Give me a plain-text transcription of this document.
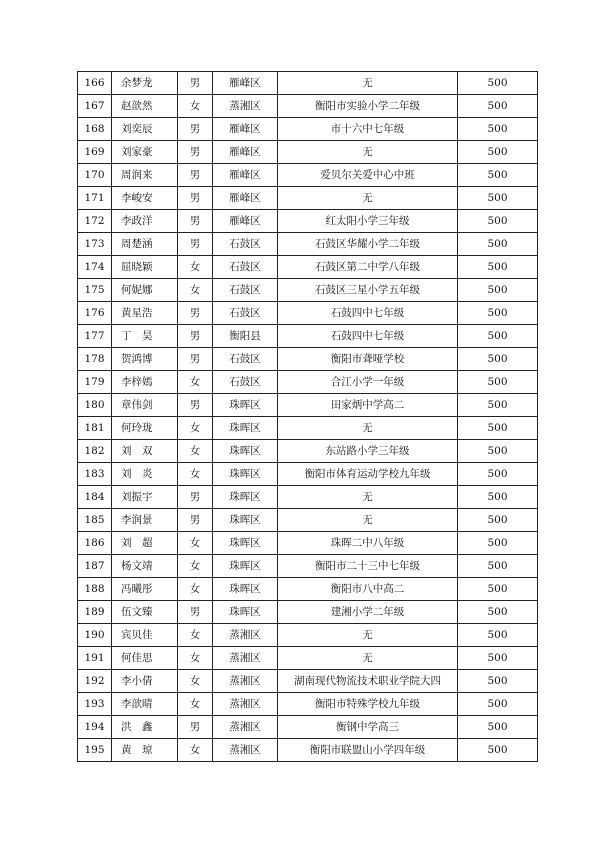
166	余梦龙	男	雁峰区	无	500
167	赵歆然	女	蒸湘区	衡阳市实验小学二年级	500
168	刘奕辰	男	雁峰区	市十六中七年级	500
169	刘家豪	男	雁峰区	无	500
170	周润来	男	雁峰区	爱贝尔关爱中心中班	500
171	李峻安	男	雁峰区	无	500
172	李政洋	男	雁峰区	红太阳小学三年级	500
173	周楚涵	男	石鼓区	石鼓区华耀小学二年级	500
174	屈晓颖	女	石鼓区	石鼓区第二中学八年级	500
175	何妮娜	女	石鼓区	石鼓区三星小学五年级	500
176	黄星浩	男	石鼓区	石鼓四中七年级	500
177	丁　昊	男	衡阳县	石鼓四中七年级	500
178	贺鸿博	男	石鼓区	衡阳市聋哑学校	500
179	李梓嫣	女	石鼓区	合江小学一年级	500
180	章伟剑	男	珠晖区	田家炳中学高二	500
181	何玲珑	女	珠晖区	无	500
182	刘　双	女	珠晖区	东站路小学三年级	500
183	刘　炎	女	珠晖区	衡阳市体育运动学校九年级	500
184	刘振宇	男	珠晖区	无	500
185	李润景	男	珠晖区	无	500
186	刘　超	女	珠晖区	珠晖二中八年级	500
187	杨文靖	女	珠晖区	衡阳市二十三中七年级	500
188	冯曦彤	女	珠晖区	衡阳市八中高二	500
189	伍文臻	男	珠晖区	建湘小学二年级	500
190	宾贝佳	女	蒸湘区	无	500
191	何佳思	女	蒸湘区	无	500
192	李小倩	女	蒸湘区	湖南现代物流技术职业学院大四	500
193	李歆晴	女	蒸湘区	衡阳市特殊学校九年级	500
194	洪　鑫	男	蒸湘区	衡钢中学高三	500
195	黄　琼	女	蒸湘区	衡阳市联盟山小学四年级	500
